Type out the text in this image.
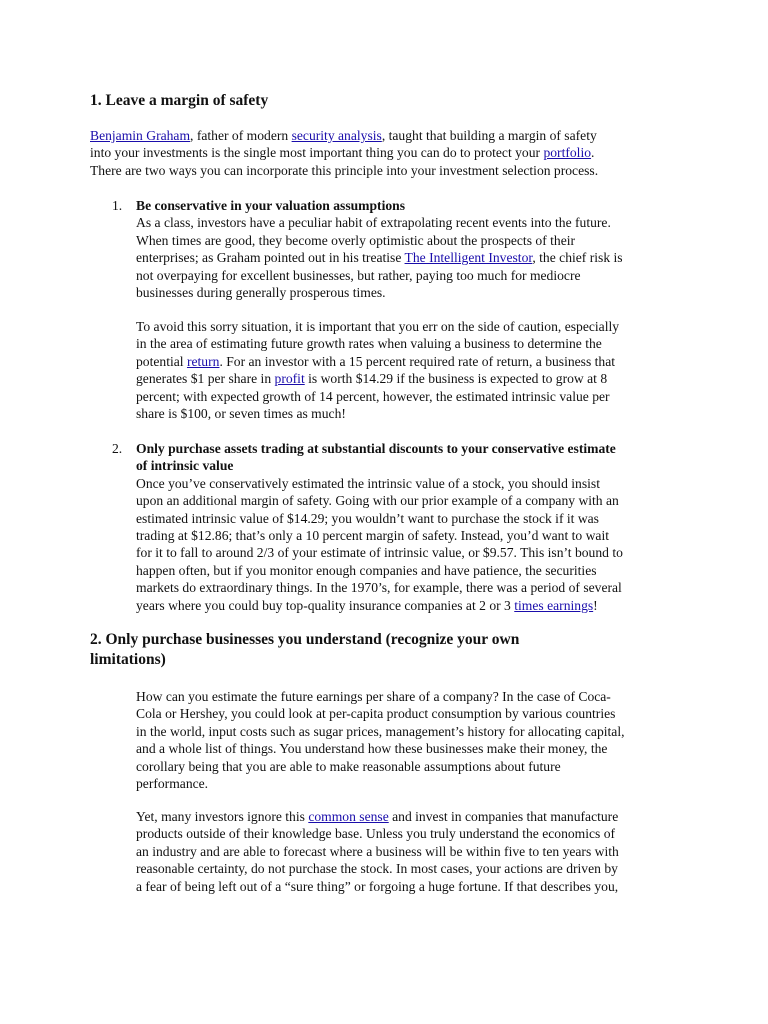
1. Leave a margin of safety

Benjamin Graham, father of modern security analysis, taught that building a margin of safety
into your investments is the single most important thing you can do to protect your portfolio.
There are two ways you can incorporate this principle into your investment selection process.

1. Be conservative in your valuation assumptions
As a class, investors have a peculiar habit of extrapolating recent events into the future.
When times are good, they become overly optimistic about the prospects of their
enterprises; as Graham pointed out in his treatise The Intelligent Investor, the chief risk is
not overpaying for excellent businesses, but rather, paying too much for mediocre
businesses during generally prosperous times.

To avoid this sorry situation, it is important that you err on the side of caution, especially
in the area of estimating future growth rates when valuing a business to determine the
potential return. For an investor with a 15 percent required rate of return, a business that
generates $1 per share in profit is worth $14.29 if the business is expected to grow at 8
percent; with expected growth of 14 percent, however, the estimated intrinsic value per
share is $100, or seven times as much!

2. Only purchase assets trading at substantial discounts to your conservative estimate
of intrinsic value
Once you’ve conservatively estimated the intrinsic value of a stock, you should insist
upon an additional margin of safety. Going with our prior example of a company with an
estimated intrinsic value of $14.29; you wouldn’t want to purchase the stock if it was
trading at $12.86; that’s only a 10 percent margin of safety. Instead, you’d want to wait
for it to fall to around 2/3 of your estimate of intrinsic value, or $9.57. This isn’t bound to
happen often, but if you monitor enough companies and have patience, the securities
markets do extraordinary things. In the 1970’s, for example, there was a period of several
years where you could buy top-quality insurance companies at 2 or 3 times earnings!

2. Only purchase businesses you understand (recognize your own
limitations)

How can you estimate the future earnings per share of a company? In the case of Coca-
Cola or Hershey, you could look at per-capita product consumption by various countries
in the world, input costs such as sugar prices, management’s history for allocating capital,
and a whole list of things. You understand how these businesses make their money, the
corollary being that you are able to make reasonable assumptions about future
performance.

Yet, many investors ignore this common sense and invest in companies that manufacture
products outside of their knowledge base. Unless you truly understand the economics of
an industry and are able to forecast where a business will be within five to ten years with
reasonable certainty, do not purchase the stock. In most cases, your actions are driven by
a fear of being left out of a “sure thing” or forgoing a huge fortune. If that describes you,
